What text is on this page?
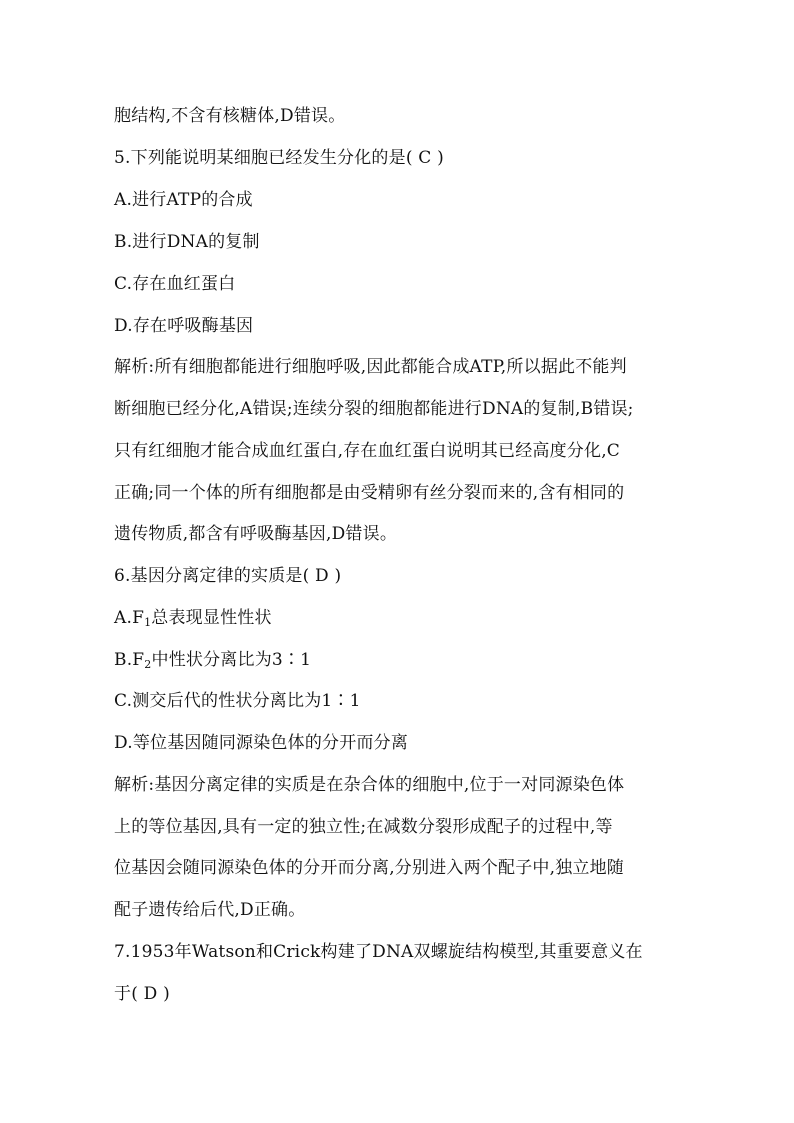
胞结构,不含有核糖体,D错误。
5.下列能说明某细胞已经发生分化的是( C )
A.进行ATP的合成
B.进行DNA的复制
C.存在血红蛋白
D.存在呼吸酶基因
解析:所有细胞都能进行细胞呼吸,因此都能合成ATP,所以据此不能判
断细胞已经分化,A错误;连续分裂的细胞都能进行DNA的复制,B错误;
只有红细胞才能合成血红蛋白,存在血红蛋白说明其已经高度分化,C
正确;同一个体的所有细胞都是由受精卵有丝分裂而来的,含有相同的
遗传物质,都含有呼吸酶基因,D错误。
6.基因分离定律的实质是( D )
$A.F_1$总表现显性性状
$B.F_2$中性状分离比为3∶1
C.测交后代的性状分离比为1∶1
D.等位基因随同源染色体的分开而分离
解析:基因分离定律的实质是在杂合体的细胞中,位于一对同源染色体
上的等位基因,具有一定的独立性;在减数分裂形成配子的过程中,等
位基因会随同源染色体的分开而分离,分别进入两个配子中,独立地随
配子遗传给后代,D正确。
7.1953年Watson和Crick构建了DNA双螺旋结构模型,其重要意义在
于( D )
